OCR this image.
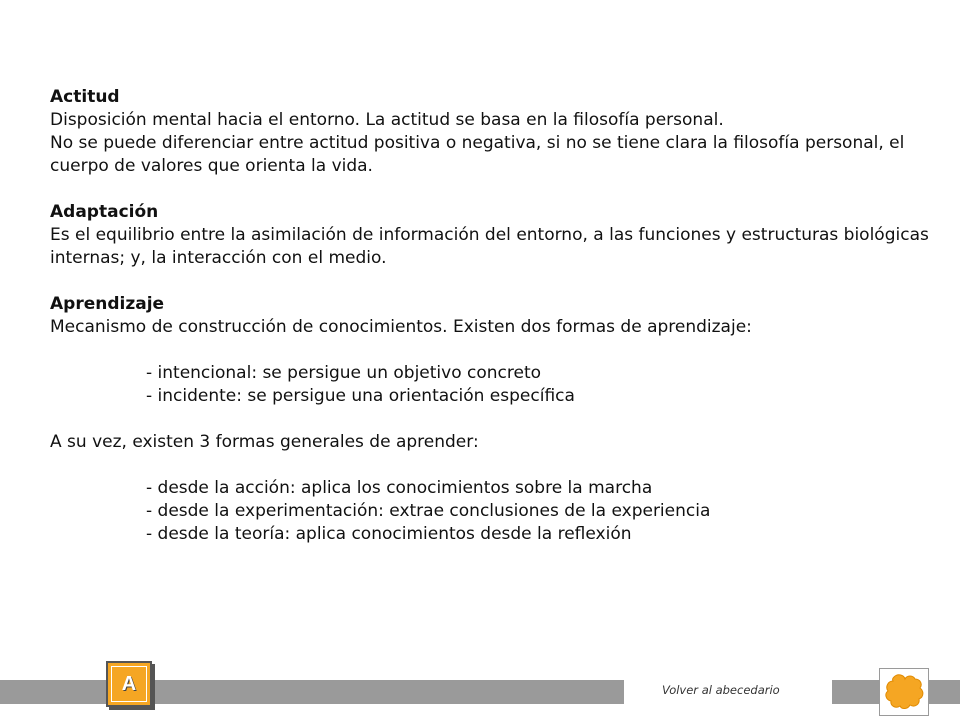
Actitud

Disposición mental hacia el entorno. La actitud se basa en la filosofía personal.

No se puede diferenciar entre actitud positiva o negativa, si no se tiene clara la filosofía personal, el cuerpo de valores que orienta la vida.

Adaptación

Es el equilibrio entre la asimilación de información del entorno, a las funciones y estructuras biológicas internas; y, la interacción con el medio.

Aprendizaje

Mecanismo de construcción de conocimientos. Existen dos formas de aprendizaje:

- intencional: se persigue un objetivo concreto

- incidente: se persigue una orientación específica

A su vez, existen 3 formas generales de aprender:

- desde la acción: aplica los conocimientos sobre la marcha

- desde la experimentación: extrae conclusiones de la experiencia

- desde la teoría: aplica conocimientos desde la reflexión

A	Volver al abecedario
